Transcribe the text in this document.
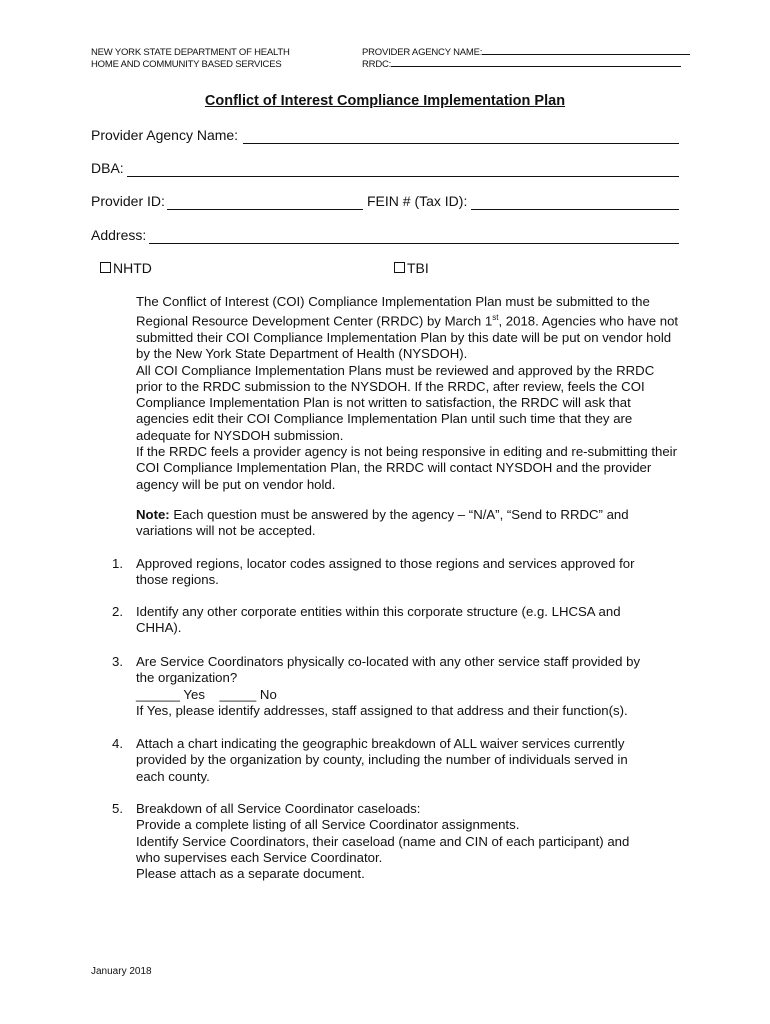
NEW YORK STATE DEPARTMENT OF HEALTH
HOME AND COMMUNITY BASED SERVICES
PROVIDER AGENCY NAME:
RRDC:
Conflict of Interest Compliance Implementation Plan
Provider Agency Name:
DBA:
Provider ID:	FEIN # (Tax ID):
Address:
NHTD	TBI

The Conflict of Interest (COI) Compliance Implementation Plan must be submitted to the Regional Resource Development Center (RRDC) by March 1st, 2018. Agencies who have not submitted their COI Compliance Implementation Plan by this date will be put on vendor hold by the New York State Department of Health (NYSDOH).

All COI Compliance Implementation Plans must be reviewed and approved by the RRDC prior to the RRDC submission to the NYSDOH. If the RRDC, after review, feels the COI Compliance Implementation Plan is not written to satisfaction, the RRDC will ask that agencies edit their COI Compliance Implementation Plan until such time that they are adequate for NYSDOH submission.

If the RRDC feels a provider agency is not being responsive in editing and re-submitting their COI Compliance Implementation Plan, the RRDC will contact NYSDOH and the provider agency will be put on vendor hold.

Note: Each question must be answered by the agency – “N/A”, “Send to RRDC” and variations will not be accepted.
1. Approved regions, locator codes assigned to those regions and services approved for
those regions.
2. Identify any other corporate entities within this corporate structure (e.g. LHCSA and
CHHA).
3. Are Service Coordinators physically co-located with any other service staff provided by
the organization?
______ Yes    _____ No
If Yes, please identify addresses, staff assigned to that address and their function(s).
4. Attach a chart indicating the geographic breakdown of ALL waiver services currently
provided by the organization by county, including the number of individuals served in
each county.
5. Breakdown of all Service Coordinator caseloads:
Provide a complete listing of all Service Coordinator assignments.
Identify Service Coordinators, their caseload (name and CIN of each participant) and
who supervises each Service Coordinator.
Please attach as a separate document.
January 2018
